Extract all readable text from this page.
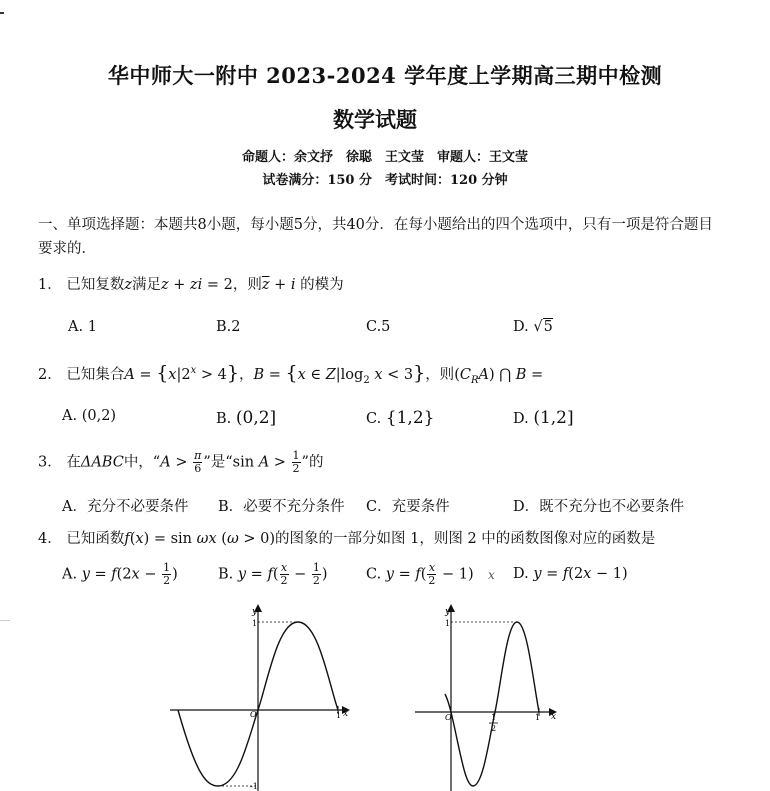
华中师大一附中 2023-2024 学年度上学期高三期中检测
数学试题
命题人：余文抒　徐聪　王文莹　审题人：王文莹
试卷满分：150 分　考试时间：120 分钟
一、单项选择题：本题共8小题，每小题5分，共40分．在每小题给出的四个选项中，只有一项是符合题目要求的．
1． 已知复数z满足z + zi = 2，则$\overline{z} + i$ 的模为
A. 1	B.2	C.5	D. √5
2． 已知集合$A = \{x|2^x > 4\}$，B = {x ∈ $Z|\log_2$ x < 3}，则$(C_RA)$ ⋂ B =
A. (0,2)	B. (0,2]	C. {1,2}	D. (1,2]
3． 在ΔABC中，“$A > \frac{\pi}{6}$ ”是“sin $A > \frac{1}{2}$ ”的
A．充分不必要条件 B．必要不充分条件 C．充要条件	D．既不充分也不必要条件
4． 已知函数f(x) = sin ωx (ω > 0)的图象的一部分如图 1，则图 2 中的函数图像对应的函数是
A. $y = f(2x - \frac{1}{2}$ )	B. $y = f( \frac{x}{2} - \frac{1}{2}$ )	C. $y = f( \frac{x}{2} - 1)$ x D. y = f(2x − 1)
y
x
O
1
1
-1
y
x
O
1
1
1
2
